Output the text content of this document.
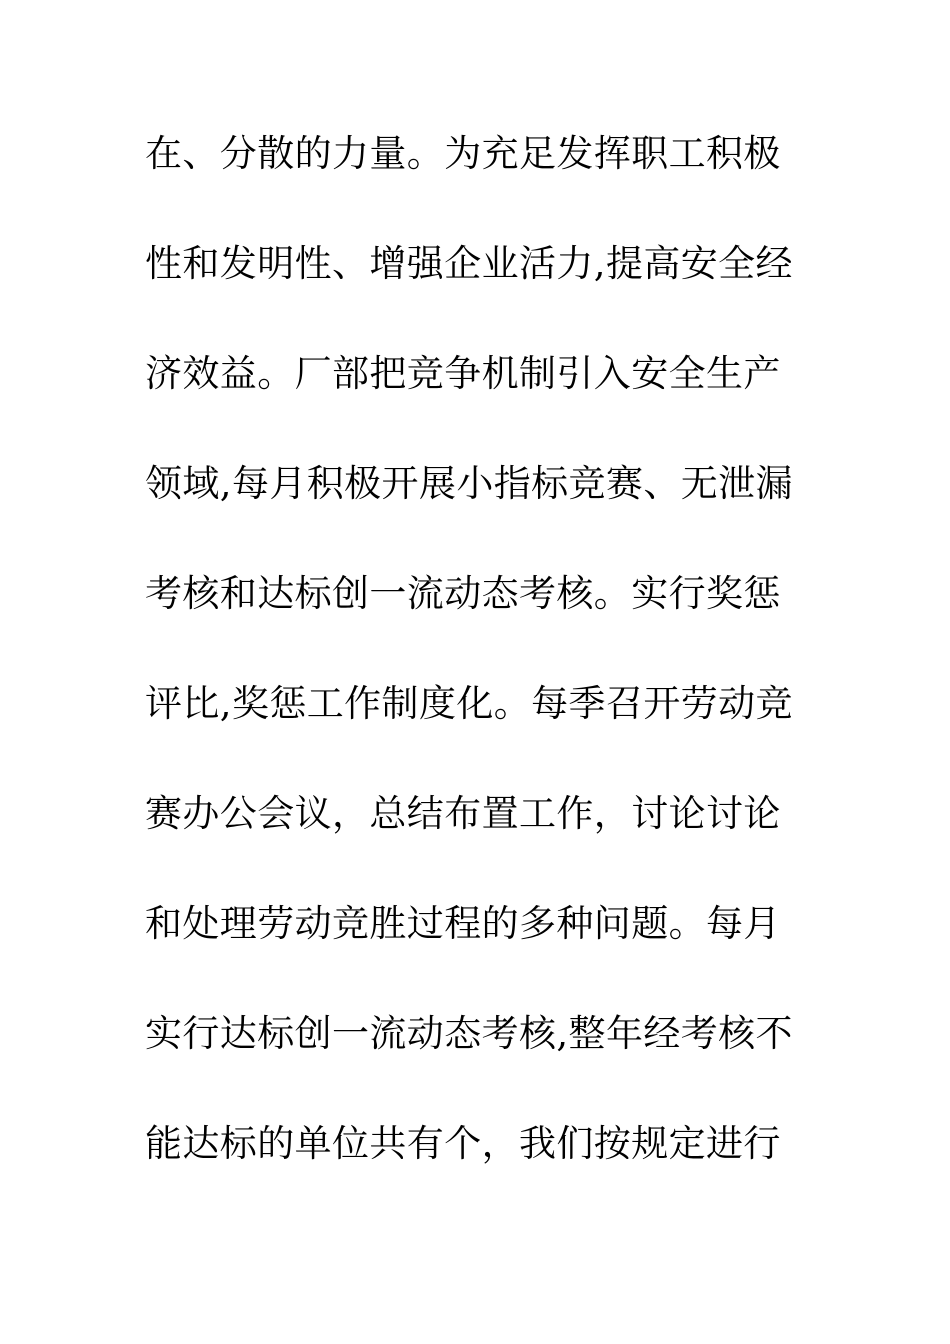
在、分散的力量。为充足发挥职工积极
性和发明性、增强企业活力,提高安全经
济效益。厂部把竞争机制引入安全生产
领域,每月积极开展小指标竞赛、无泄漏
考核和达标创一流动态考核。实行奖惩
评比,奖惩工作制度化。每季召开劳动竞
赛办公会议，总结布置工作，讨论讨论
和处理劳动竞胜过程的多种问题。每月
实行达标创一流动态考核,整年经考核不
能达标的单位共有个，我们按规定进行
